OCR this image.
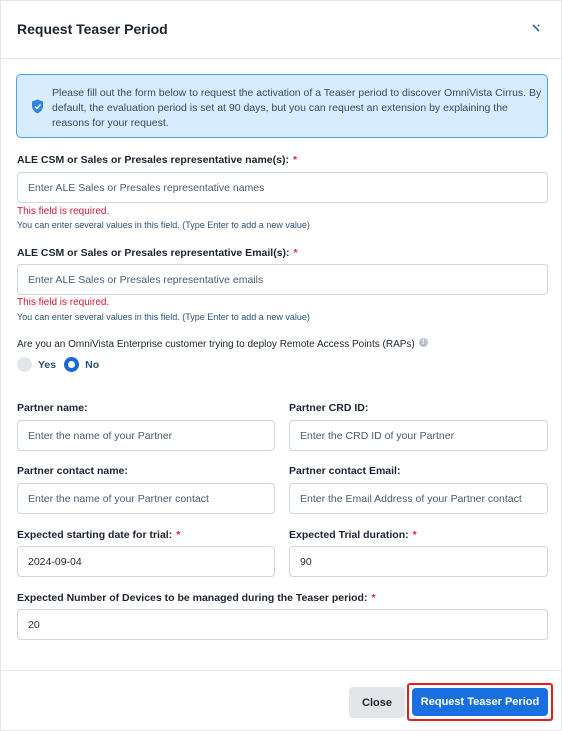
Request Teaser Period
Please fill out the form below to request the activation of a Teaser period to discover OmniVista Cirrus. By default, the evaluation period is set at 90 days, but you can request an extension by explaining the reasons for your request.
ALE CSM or Sales or Presales representative name(s): *
Enter ALE Sales or Presales representative names
This field is required.
You can enter several values in this field. (Type Enter to add a new value)
ALE CSM or Sales or Presales representative Email(s): *
Enter ALE Sales or Presales representative emails
This field is required.
You can enter several values in this field. (Type Enter to add a new value)
Are you an OmniVista Enterprise customer trying to deploy Remote Access Points (RAPs) !
Yes	No
Partner name:	Partner CRD ID:
Enter the name of your Partner	Enter the CRD ID of your Partner
Partner contact name:	Partner contact Email:
Enter the name of your Partner contact	Enter the Email Address of your Partner contact
Expected starting date for trial: *	Expected Trial duration: *
2024-09-04	90
Expected Number of Devices to be managed during the Teaser period: *
20
Close	Request Teaser Period
